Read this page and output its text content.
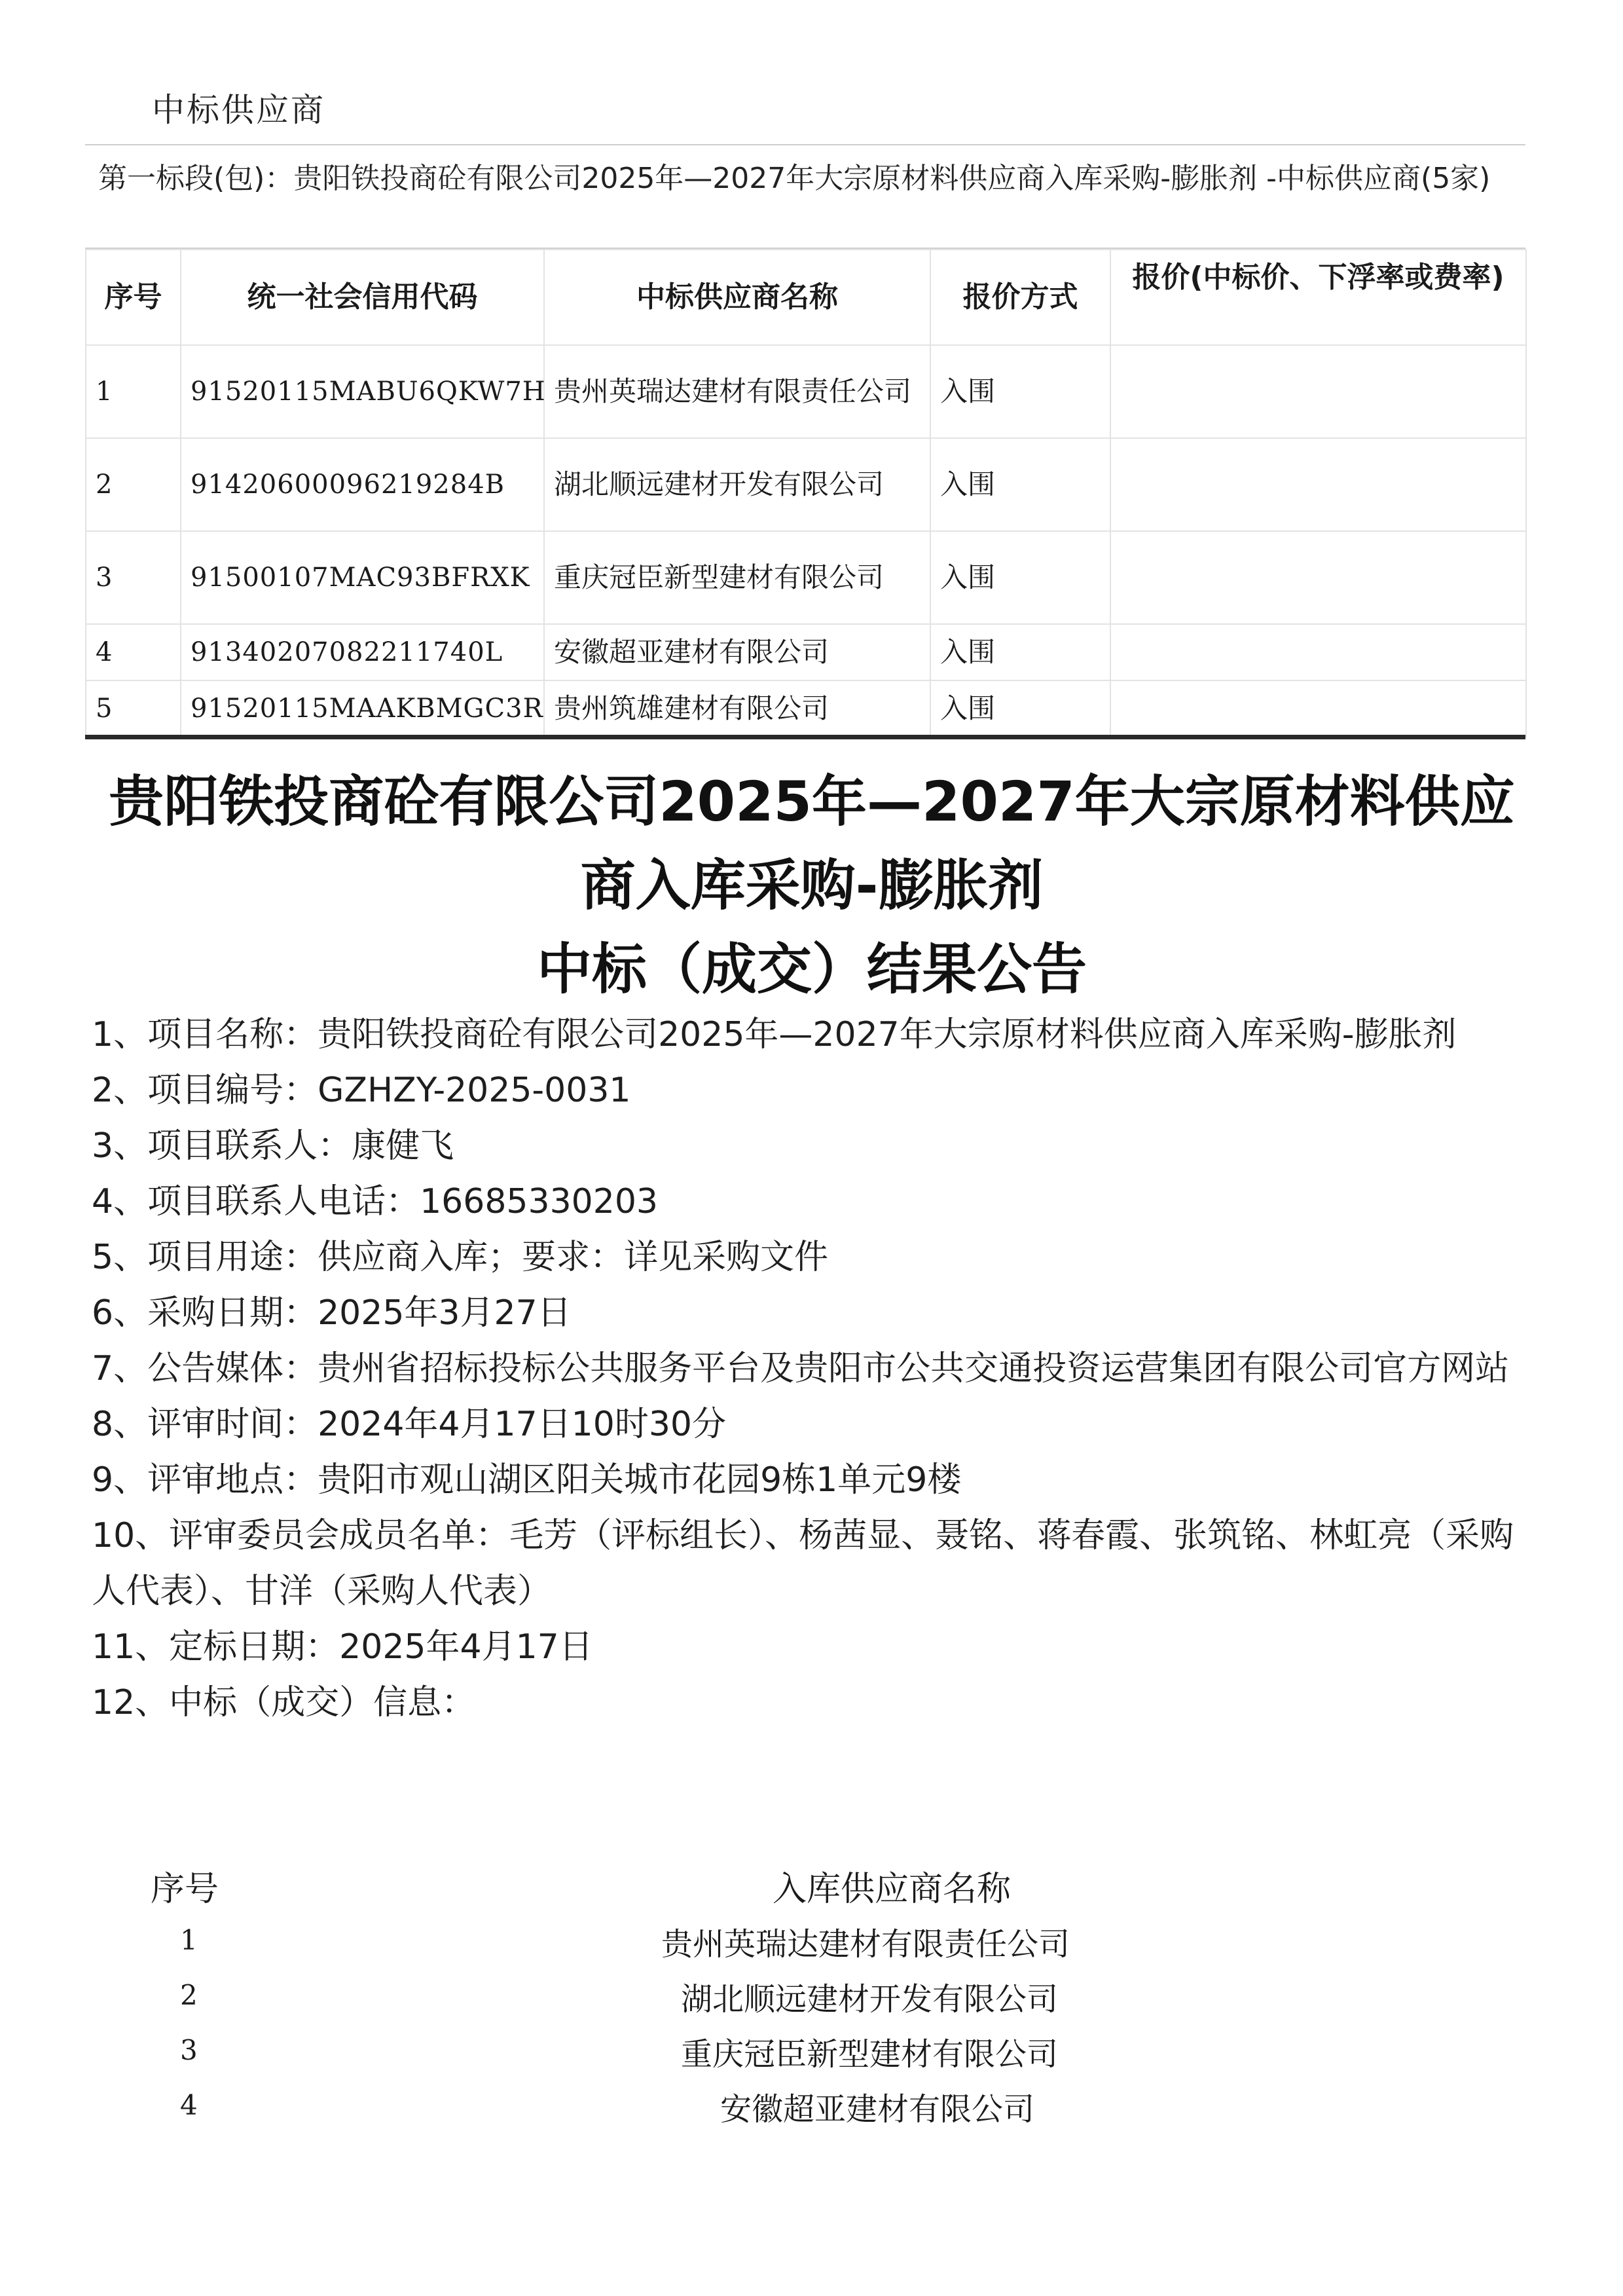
中标供应商
第一标段(包)：贵阳铁投商砼有限公司2025年—2027年大宗原材料供应商入库采购-膨胀剂 -中标供应商(5家)
序号	统一社会信用代码	中标供应商名称	报价方式	报价(中标价、下浮率或费率)
1	91520115MABU6QKW7H	贵州英瑞达建材有限责任公司	入围	
2	91420600096219284B	湖北顺远建材开发有限公司	入围	
3	91500107MAC93BFRXK	重庆冠臣新型建材有限公司	入围	
4	91340207082211740L	安徽超亚建材有限公司	入围	
5	91520115MAAKBMGC3R	贵州筑雄建材有限公司	入围	
贵阳铁投商砼有限公司2025年—2027年大宗原材料供应
商入库采购-膨胀剂
中标（成交）结果公告

1、项目名称：贵阳铁投商砼有限公司2025年—2027年大宗原材料供应商入库采购-膨胀剂

2、项目编号：GZHZY-2025-0031

3、项目联系人：康健飞

4、项目联系人电话：16685330203

5、项目用途：供应商入库；要求：详见采购文件

6、采购日期：2025年3月27日

7、公告媒体：贵州省招标投标公共服务平台及贵阳市公共交通投资运营集团有限公司官方网站

8、评审时间：2024年4月17日10时30分

9、评审地点：贵阳市观山湖区阳关城市花园9栋1单元9楼

10、评审委员会成员名单：毛芳（评标组长）、杨茜显、聂铭、蒋春霞、张筑铭、林虹亮（采购人代表）、甘洋（采购人代表）

11、定标日期：2025年4月17日

12、中标（成交）信息：

序号	入库供应商名称
1	贵州英瑞达建材有限责任公司
2	湖北顺远建材开发有限公司
3	重庆冠臣新型建材有限公司
4	安徽超亚建材有限公司
